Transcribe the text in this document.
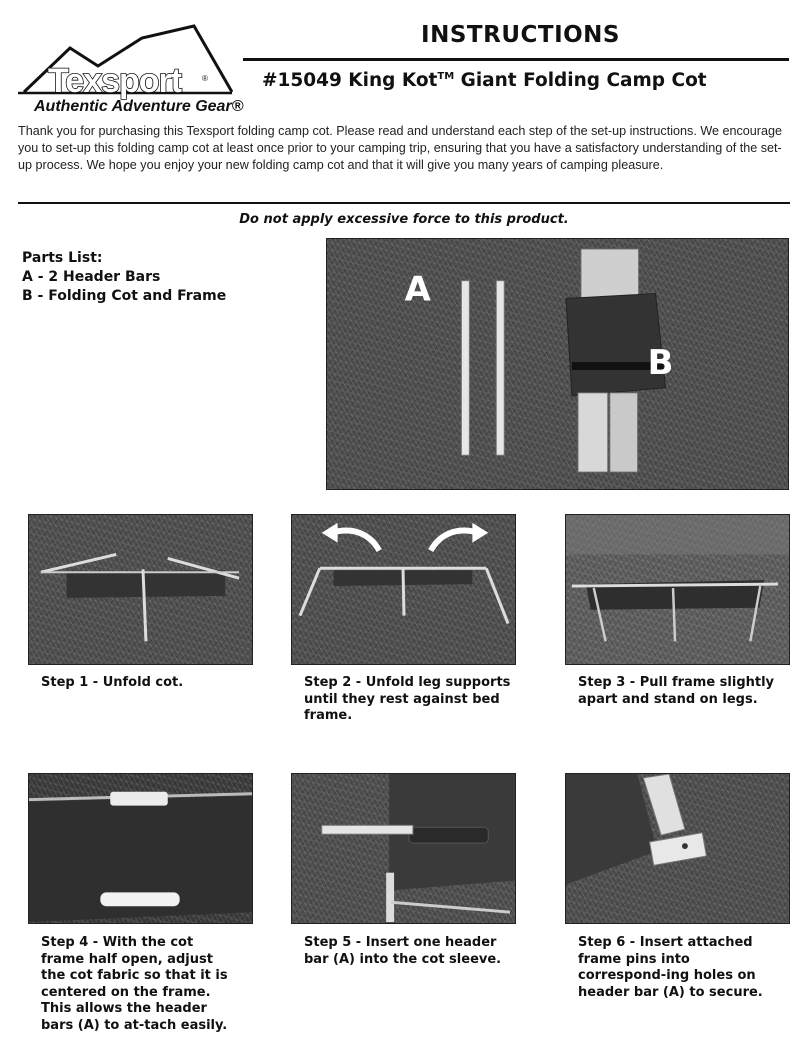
Texsport	®
Authentic Adventure Gear®
INSTRUCTIONS
#15049 King Kot™ Giant Folding Camp Cot
Thank you for purchasing this Texsport folding camp cot. Please read and understand each step of the set-up instructions. We encourage you to set-up this folding camp cot at least once prior to your camping trip, ensuring that you have a satisfactory understanding of the set-up process. We hope you enjoy your new folding camp cot and that it will give you many years of camping pleasure.
Do not apply excessive force to this product.
Parts List:
A - 2 Header Bars
B - Folding Cot and Frame	A
B
Step 1 - Unfold cot.	Step 2 - Unfold leg supports until they rest against bed frame.
Step 3 - Pull frame slightly apart and stand on legs.
Step 4 - With the cot frame half open, adjust the cot fabric so that it is centered on the frame. This allows the header bars (A) to at-tach easily.
Step 5 - Insert one header bar (A) into the cot sleeve.
Step 6 - Insert attached frame pins into correspond-ing holes on header bar (A) to secure.
